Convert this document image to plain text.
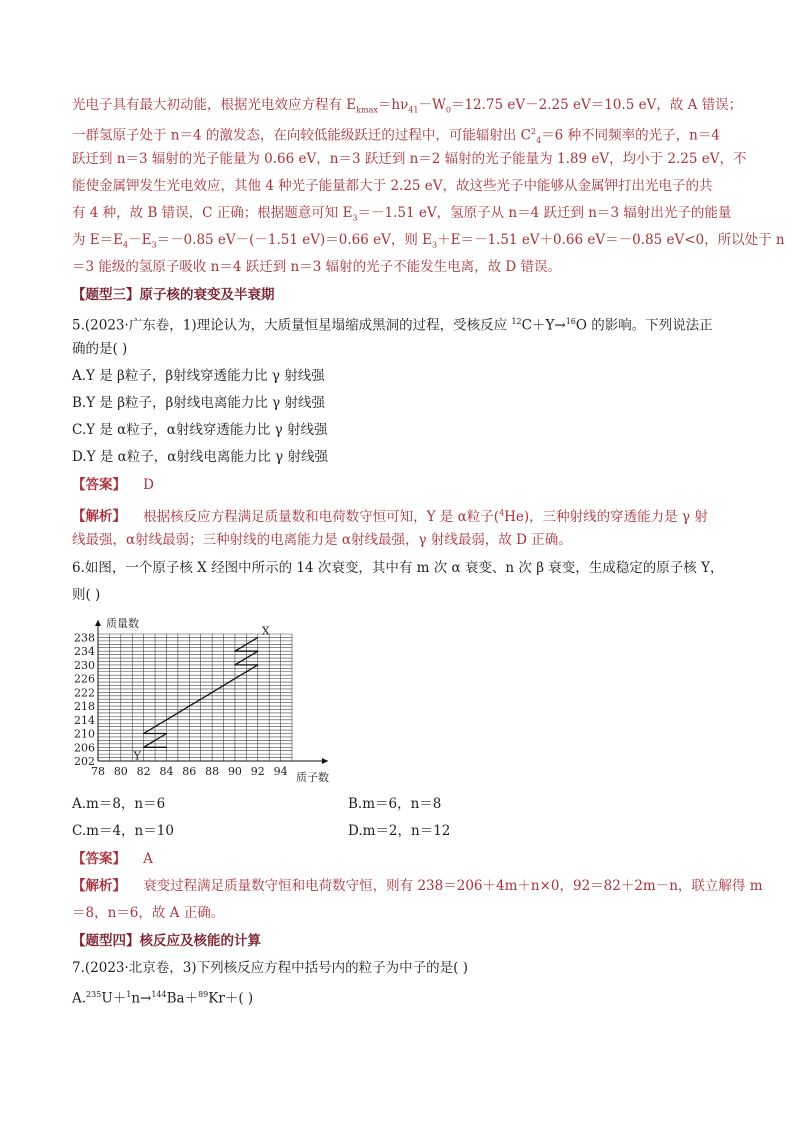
光电子具有最大初动能，根据光电效应方程有 $E_{kmax}=h\nu_{41}-W_0=12.75$ eV－2.25 eV＝10.5 eV，故 A 错误；
一群氢原子处于 n＝4 的激发态，在向较低能级跃迁的过程中，可能辐射出 $C^2_4=6$ 种不同频率的光子，n＝4
跃迁到 n＝3 辐射的光子能量为 0.66 eV，n＝3 跃迁到 n＝2 辐射的光子能量为 1.89 eV，均小于 2.25 eV，不
能使金属钾发生光电效应，其他 4 种光子能量都大于 2.25 eV，故这些光子中能够从金属钾打出光电子的共
有 4 种，故 B 错误，C 正确；根据题意可知 $E_3=-1.51$ eV，氢原子从 n＝4 跃迁到 n＝3 辐射出光子的能量
为 $E=E_4-E_3=-0.85$ eV－(－1.51 eV)＝0.66 eV，则 $E_3+E=-1.51$ eV＋0.66 eV＝－0.85 eV<0，所以处于 n
＝3 能级的氢原子吸收 n＝4 跃迁到 n＝3 辐射的光子不能发生电离，故 D 错误。
【题型三】原子核的衰变及半衰期
5.(2023·广东卷，1)理论认为，大质量恒星塌缩成黑洞的过程，受核反应 $^{12}$C＋Y→$^{16}$O 的影响。下列说法正
确的是( )
A.Y 是 β粒子，β射线穿透能力比 γ 射线强
B.Y 是 β粒子，β射线电离能力比 γ 射线强
C.Y 是 α粒子，α射线穿透能力比 γ 射线强
D.Y 是 α粒子，α射线电离能力比 γ 射线强
【答案】 D
【解析】 根据核反应方程满足质量数和电荷数守恒可知，Y 是 α粒子($^4$He)，三种射线的穿透能力是 γ 射
线最强，α射线最弱；三种射线的电离能力是 α射线最强，γ 射线最弱，故 D 正确。
6.如图，一个原子核 X 经图中所示的 14 次衰变，其中有 m 次 α 衰变、n 次 β 衰变，生成稳定的原子核 Y，
则( )
78 80 82 84 86 88 90 92 94
202
206
210
214
218
222
226
230
234
238
质量数
质子数
X
Y
A.m＝8，n＝6	B.m＝6，n＝8
C.m＝4，n＝10	D.m＝2，n＝12
【答案】 A
【解析】 衰变过程满足质量数守恒和电荷数守恒，则有 238＝206＋4m＋n×0，92＝82＋2m－n，联立解得 m
＝8，n＝6，故 A 正确。
【题型四】核反应及核能的计算
7.(2023·北京卷，3)下列核反应方程中括号内的粒子为中子的是( )
A.$^{235}$U＋$^1$n→$^{144}$Ba＋$^{89}$Kr＋( )
